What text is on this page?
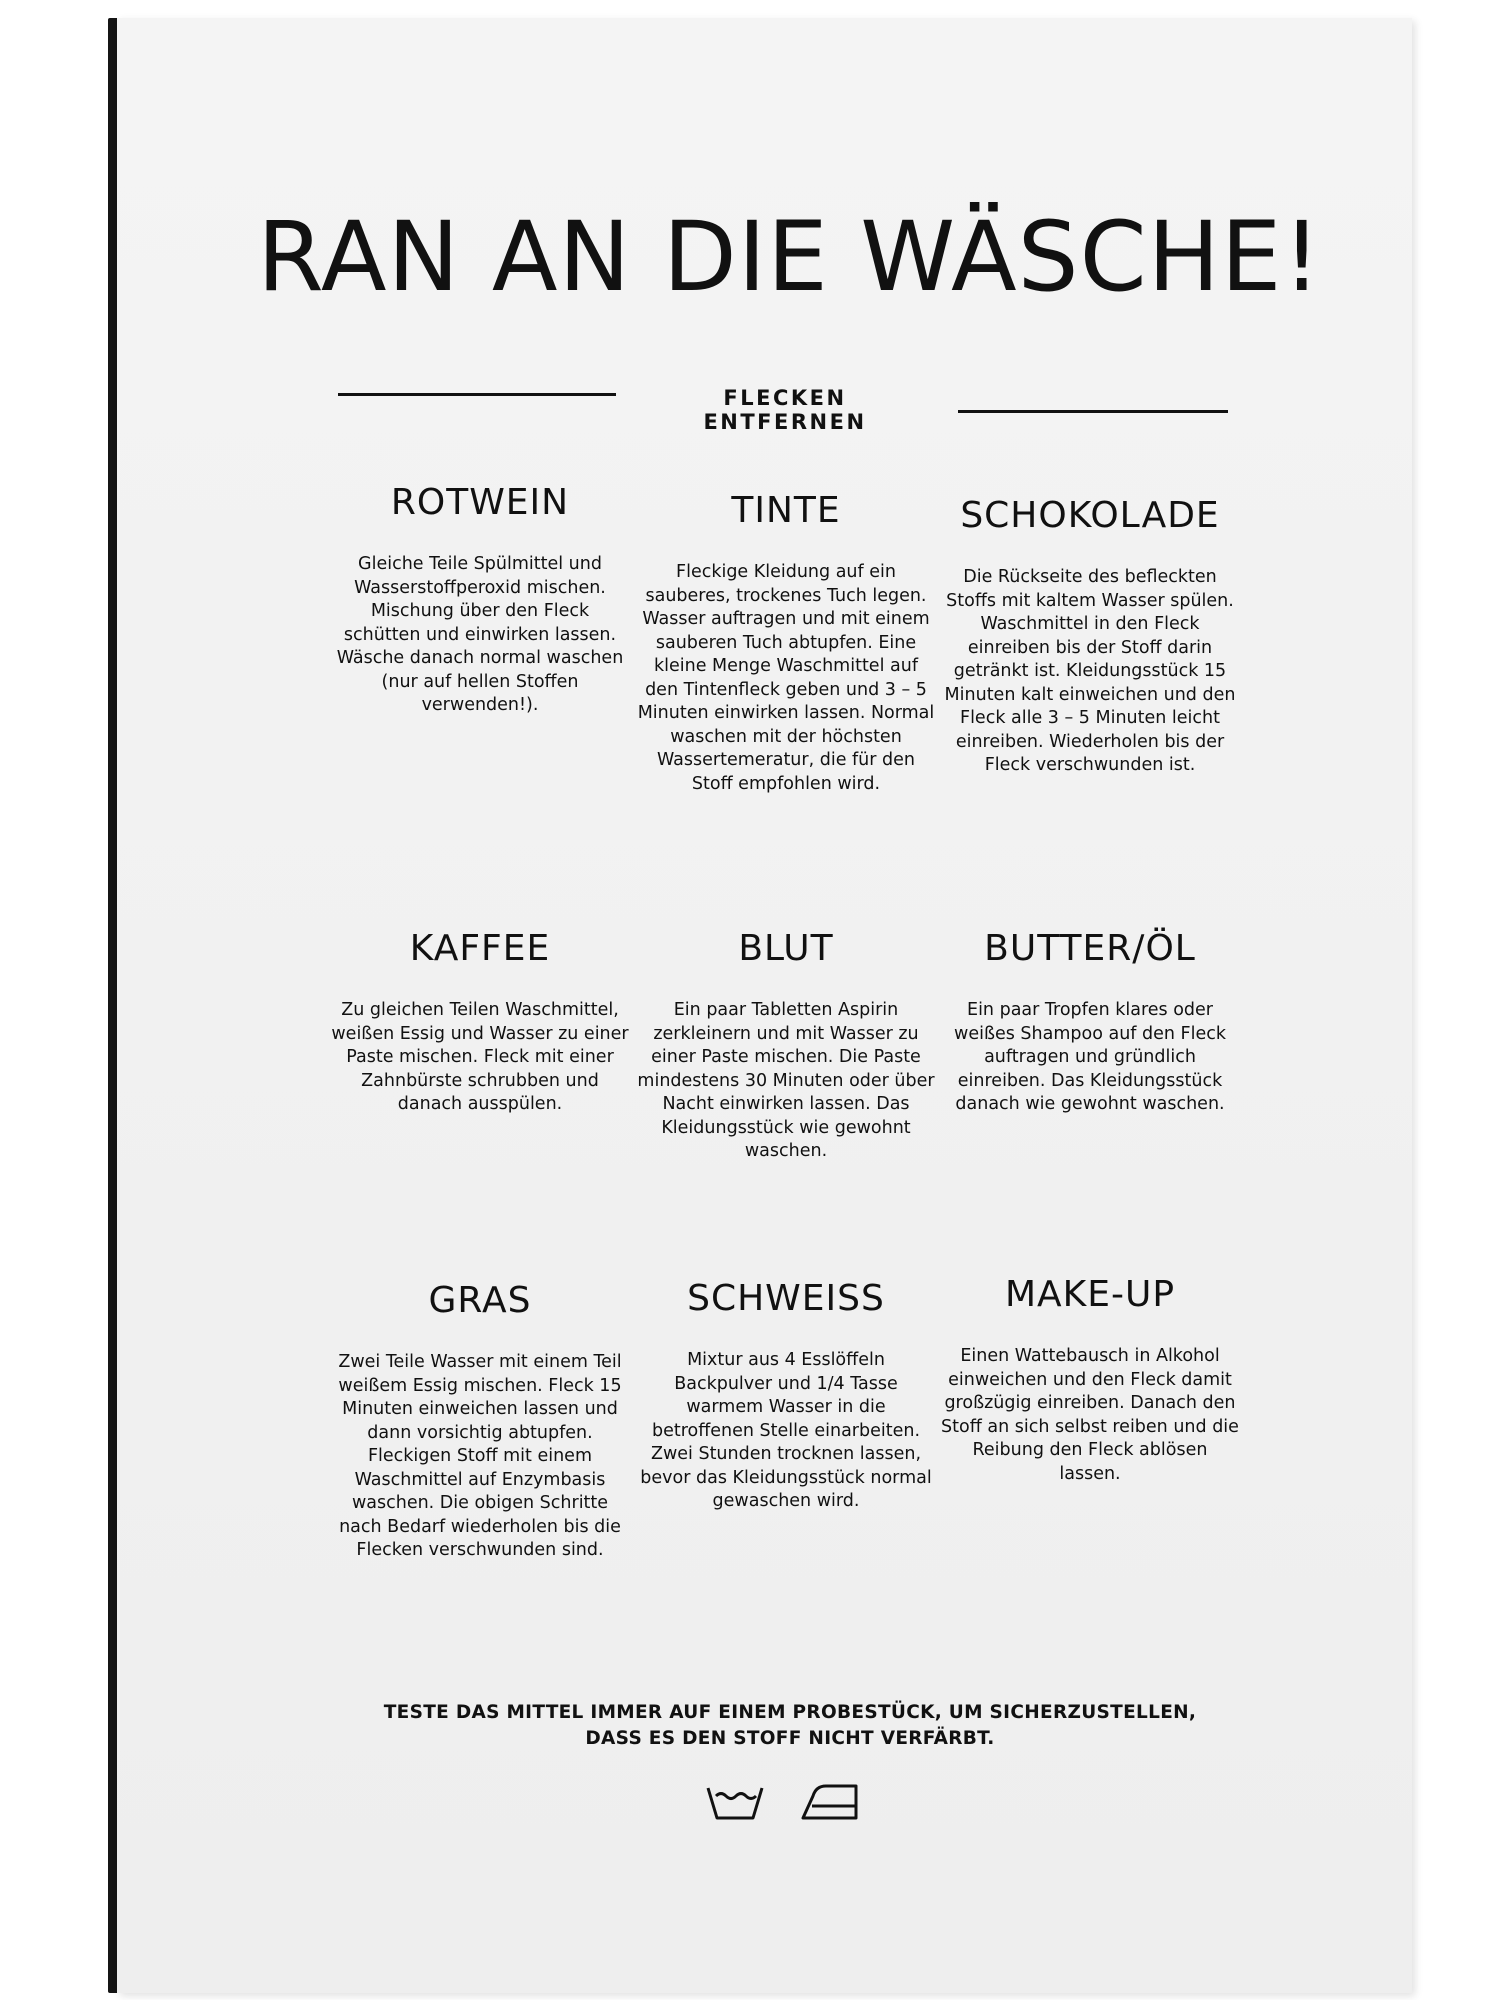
RAN AN DIE WÄSCHE!
FLECKEN ENTFERNEN
ROTWEIN

Gleiche Teile Spülmittel und Wasserstoffperoxid mischen. Mischung über den Fleck schütten und einwirken lassen. Wäsche danach normal waschen (nur auf hellen Stoffen verwenden!).

TINTE

Fleckige Kleidung auf ein sauberes, trockenes Tuch legen. Wasser auftragen und mit einem sauberen Tuch abtupfen. Eine kleine Menge Waschmittel auf den Tintenfleck geben und 3 – 5 Minuten einwirken lassen. Normal waschen mit der höchsten Wassertemeratur, die für den Stoff empfohlen wird.

SCHOKOLADE

Die Rückseite des befleckten Stoffs mit kaltem Wasser spülen. Waschmittel in den Fleck einreiben bis der Stoff darin getränkt ist. Kleidungsstück 15 Minuten kalt einweichen und den Fleck alle 3 – 5 Minuten leicht einreiben. Wiederholen bis der Fleck verschwunden ist.

KAFFEE

Zu gleichen Teilen Waschmittel, weißen Essig und Wasser zu einer Paste mischen. Fleck mit einer Zahnbürste schrubben und danach ausspülen.

BLUT

Ein paar Tabletten Aspirin zerkleinern und mit Wasser zu einer Paste mischen. Die Paste mindestens 30 Minuten oder über Nacht einwirken lassen. Das Kleidungsstück wie gewohnt waschen.

BUTTER/ÖL

Ein paar Tropfen klares oder weißes Shampoo auf den Fleck auftragen und gründlich einreiben. Das Kleidungsstück danach wie gewohnt waschen.

GRAS

Zwei Teile Wasser mit einem Teil weißem Essig mischen. Fleck 15 Minuten einweichen lassen und dann vorsichtig abtupfen. Fleckigen Stoff mit einem Waschmittel auf Enzymbasis waschen. Die obigen Schritte nach Bedarf wiederholen bis die Flecken verschwunden sind.

SCHWEISS

Mixtur aus 4 Esslöffeln Backpulver und 1/4 Tasse warmem Wasser in die betroffenen Stelle einarbeiten. Zwei Stunden trocknen lassen, bevor das Kleidungsstück normal gewaschen wird.

MAKE-UP

Einen Wattebausch in Alkohol einweichen und den Fleck damit großzügig einreiben. Danach den Stoff an sich selbst reiben und die Reibung den Fleck ablösen lassen.

TESTE DAS MITTEL IMMER AUF EINEM PROBESTÜCK, UM SICHERZUSTELLEN,
DASS ES DEN STOFF NICHT VERFÄRBT.
